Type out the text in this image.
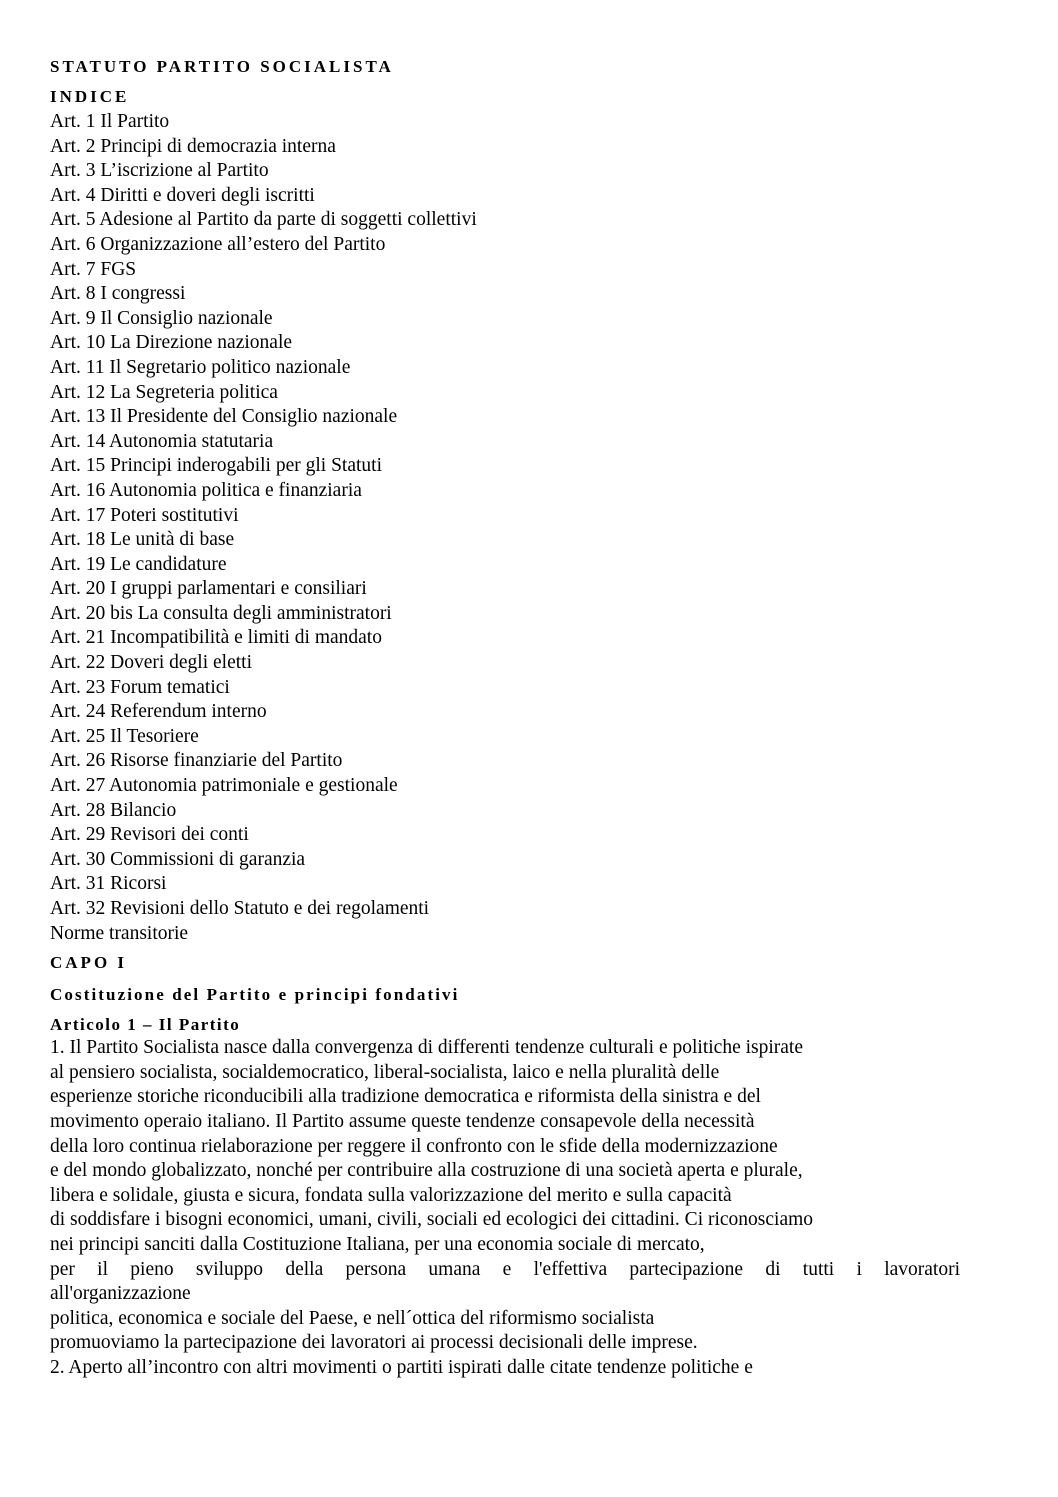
STATUTO PARTITO SOCIALISTA
INDICE
Art. 1 Il Partito
Art. 2 Principi di democrazia interna
Art. 3 L’iscrizione al Partito
Art. 4 Diritti e doveri degli iscritti
Art. 5 Adesione al Partito da parte di soggetti collettivi
Art. 6 Organizzazione all’estero del Partito
Art. 7 FGS
Art. 8 I congressi
Art. 9 Il Consiglio nazionale
Art. 10 La Direzione nazionale
Art. 11 Il Segretario politico nazionale
Art. 12 La Segreteria politica
Art. 13 Il Presidente del Consiglio nazionale
Art. 14 Autonomia statutaria
Art. 15 Principi inderogabili per gli Statuti
Art. 16 Autonomia politica e finanziaria
Art. 17 Poteri sostitutivi
Art. 18 Le unità di base
Art. 19 Le candidature
Art. 20 I gruppi parlamentari e consiliari
Art. 20 bis La consulta degli amministratori
Art. 21 Incompatibilità e limiti di mandato
Art. 22 Doveri degli eletti
Art. 23 Forum tematici
Art. 24 Referendum interno
Art. 25 Il Tesoriere
Art. 26 Risorse finanziarie del Partito
Art. 27 Autonomia patrimoniale e gestionale
Art. 28 Bilancio
Art. 29 Revisori dei conti
Art. 30 Commissioni di garanzia
Art. 31 Ricorsi
Art. 32 Revisioni dello Statuto e dei regolamenti
Norme transitorie
CAPO I
Costituzione del Partito e principi fondativi
Articolo 1 – Il Partito

1. Il Partito Socialista nasce dalla convergenza di differenti tendenze culturali e politiche ispirate
al pensiero socialista, socialdemocratico, liberal-socialista, laico e nella pluralità delle
esperienze storiche riconducibili alla tradizione democratica e riformista della sinistra e del
movimento operaio italiano. Il Partito assume queste tendenze consapevole della necessità
della loro continua rielaborazione per reggere il confronto con le sfide della modernizzazione
e del mondo globalizzato, nonché per contribuire alla costruzione di una società aperta e plurale,
libera e solidale, giusta e sicura, fondata sulla valorizzazione del merito e sulla capacità
di soddisfare i bisogni economici, umani, civili, sociali ed ecologici dei cittadini. Ci riconosciamo
nei principi sanciti dalla Costituzione Italiana, per una economia sociale di mercato,
per il pieno sviluppo della persona umana e l'effettiva partecipazione di tutti i lavoratori
all'organizzazione
politica, economica e sociale del Paese, e nell´ottica del riformismo socialista
promuoviamo la partecipazione dei lavoratori ai processi decisionali delle imprese.
2. Aperto all’incontro con altri movimenti o partiti ispirati dalle citate tendenze politiche e
